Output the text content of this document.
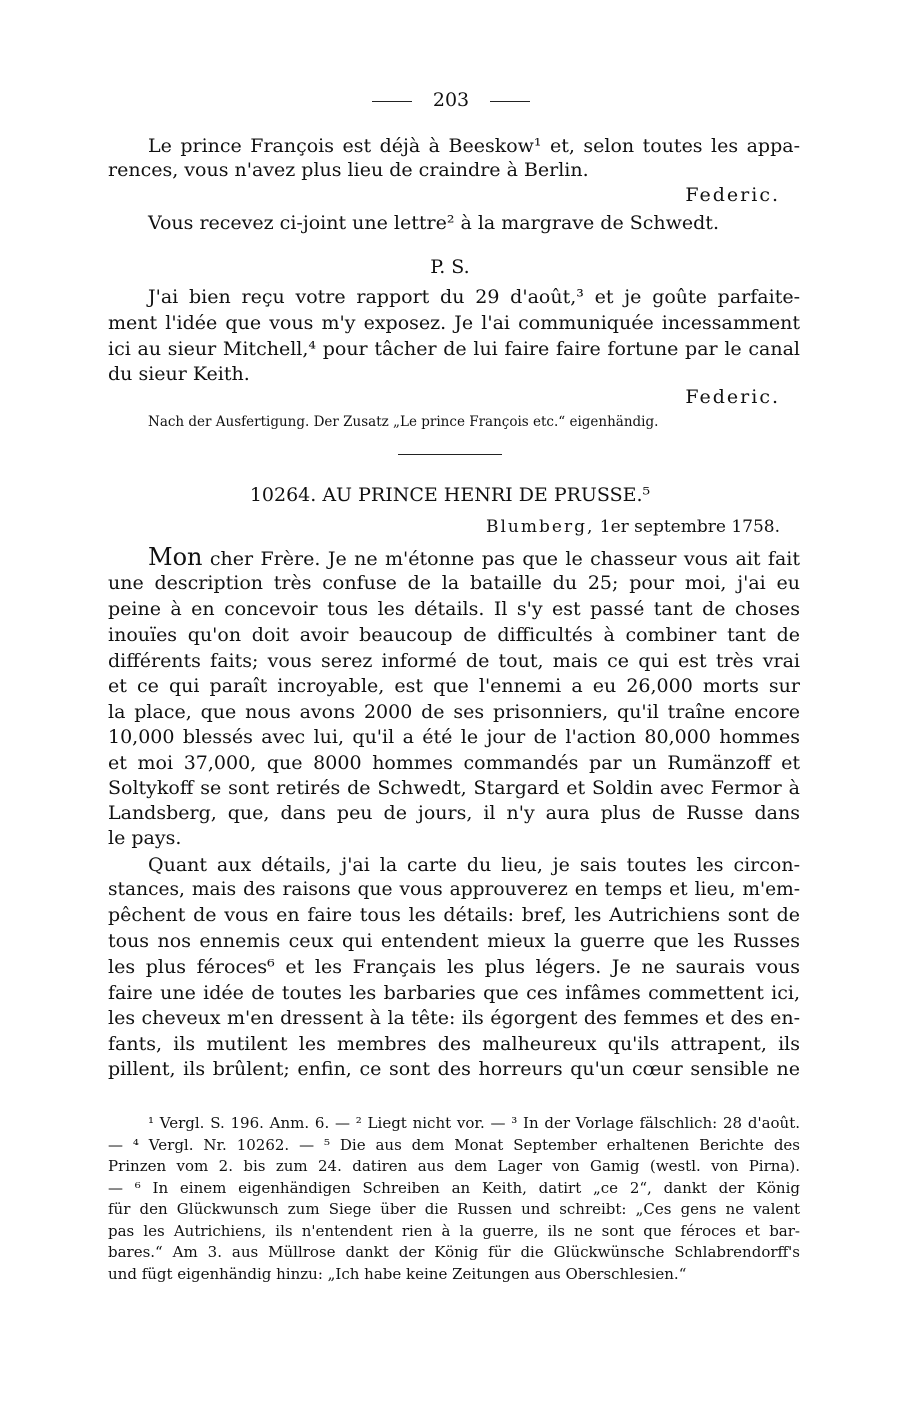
203
Le prince François est déjà à Beeskow¹ et, selon toutes les appa-
rences, vous n'avez plus lieu de craindre à Berlin.
Federic.
Vous recevez ci-joint une lettre² à la margrave de Schwedt.
P. S.
J'ai bien reçu votre rapport du 29 d'août,³ et je goûte parfaite-
ment l'idée que vous m'y exposez. Je l'ai communiquée incessamment
ici au sieur Mitchell,⁴ pour tâcher de lui faire faire fortune par le canal
du sieur Keith.
Federic.
Nach der Ausfertigung. Der Zusatz „Le prince François etc.“ eigenhändig.
10264. AU PRINCE HENRI DE PRUSSE.⁵
Blumberg, 1er septembre 1758.
Mon cher Frère. Je ne m'étonne pas que le chasseur vous ait fait
une description très confuse de la bataille du 25; pour moi, j'ai eu
peine à en concevoir tous les détails. Il s'y est passé tant de choses
inouïes qu'on doit avoir beaucoup de difficultés à combiner tant de
différents faits; vous serez informé de tout, mais ce qui est très vrai
et ce qui paraît incroyable, est que l'ennemi a eu 26,000 morts sur
la place, que nous avons 2000 de ses prisonniers, qu'il traîne encore
10,000 blessés avec lui, qu'il a été le jour de l'action 80,000 hommes
et moi 37,000, que 8000 hommes commandés par un Rumänzoff et
Soltykoff se sont retirés de Schwedt, Stargard et Soldin avec Fermor à
Landsberg, que, dans peu de jours, il n'y aura plus de Russe dans
le pays.
Quant aux détails, j'ai la carte du lieu, je sais toutes les circon-
stances, mais des raisons que vous approuverez en temps et lieu, m'em-
pêchent de vous en faire tous les détails: bref, les Autrichiens sont de
tous nos ennemis ceux qui entendent mieux la guerre que les Russes
les plus féroces⁶ et les Français les plus légers. Je ne saurais vous
faire une idée de toutes les barbaries que ces infâmes commettent ici,
les cheveux m'en dressent à la tête: ils égorgent des femmes et des en-
fants, ils mutilent les membres des malheureux qu'ils attrapent, ils
pillent, ils brûlent; enfin, ce sont des horreurs qu'un cœur sensible ne
¹ Vergl. S. 196. Anm. 6. — ² Liegt nicht vor. — ³ In der Vorlage fälschlich: 28 d'août.
— ⁴ Vergl. Nr. 10262. — ⁵ Die aus dem Monat September erhaltenen Berichte des
Prinzen vom 2. bis zum 24. datiren aus dem Lager von Gamig (westl. von Pirna).
— ⁶ In einem eigenhändigen Schreiben an Keith, datirt „ce 2“, dankt der König
für den Glückwunsch zum Siege über die Russen und schreibt: „Ces gens ne valent
pas les Autrichiens, ils n'entendent rien à la guerre, ils ne sont que féroces et bar-
bares.“ Am 3. aus Müllrose dankt der König für die Glückwünsche Schlabrendorff's
und fügt eigenhändig hinzu: „Ich habe keine Zeitungen aus Oberschlesien.“
